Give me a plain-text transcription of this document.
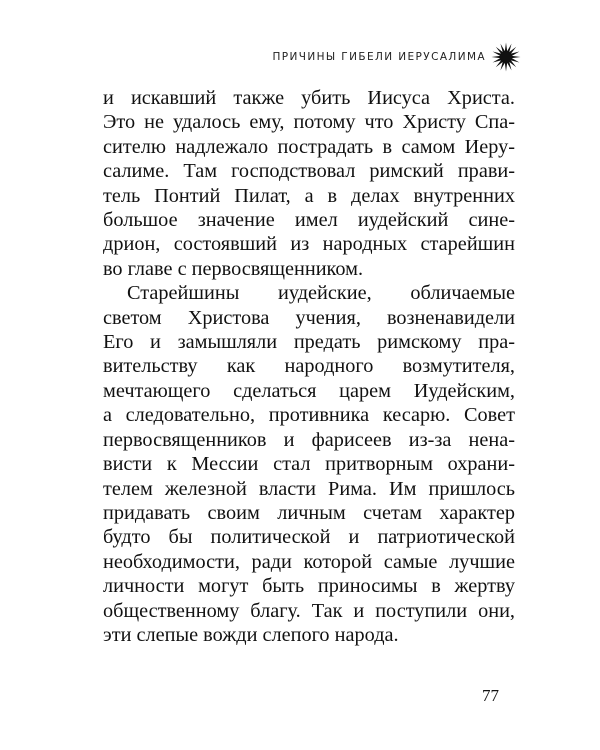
ПРИЧИНЫ ГИБЕЛИ ИЕРУСАЛИМА

и искавший также убить Иисуса Христа.
Это не удалось ему, потому что Христу Спа-
сителю надлежало пострадать в самом Иеру-
салиме. Там господствовал римский прави-
тель Понтий Пилат, а в делах внутренних
большое значение имел иудейский сине-
дрион, состоявший из народных старейшин
во главе с первосвященником.

Старейшины иудейские, обличаемые
светом Христова учения, возненавидели
Его и замышляли предать римскому пра-
вительству как народного возмутителя,
мечтающего сделаться царем Иудейским,
а следовательно, противника кесарю. Совет
первосвященников и фарисеев из-за нена-
висти к Мессии стал притворным охрани-
телем железной власти Рима. Им пришлось
придавать своим личным счетам характер
будто бы политической и патриотической
необходимости, ради которой самые лучшие
личности могут быть приносимы в жертву
общественному благу. Так и поступили они,
эти слепые вожди слепого народа.

77
